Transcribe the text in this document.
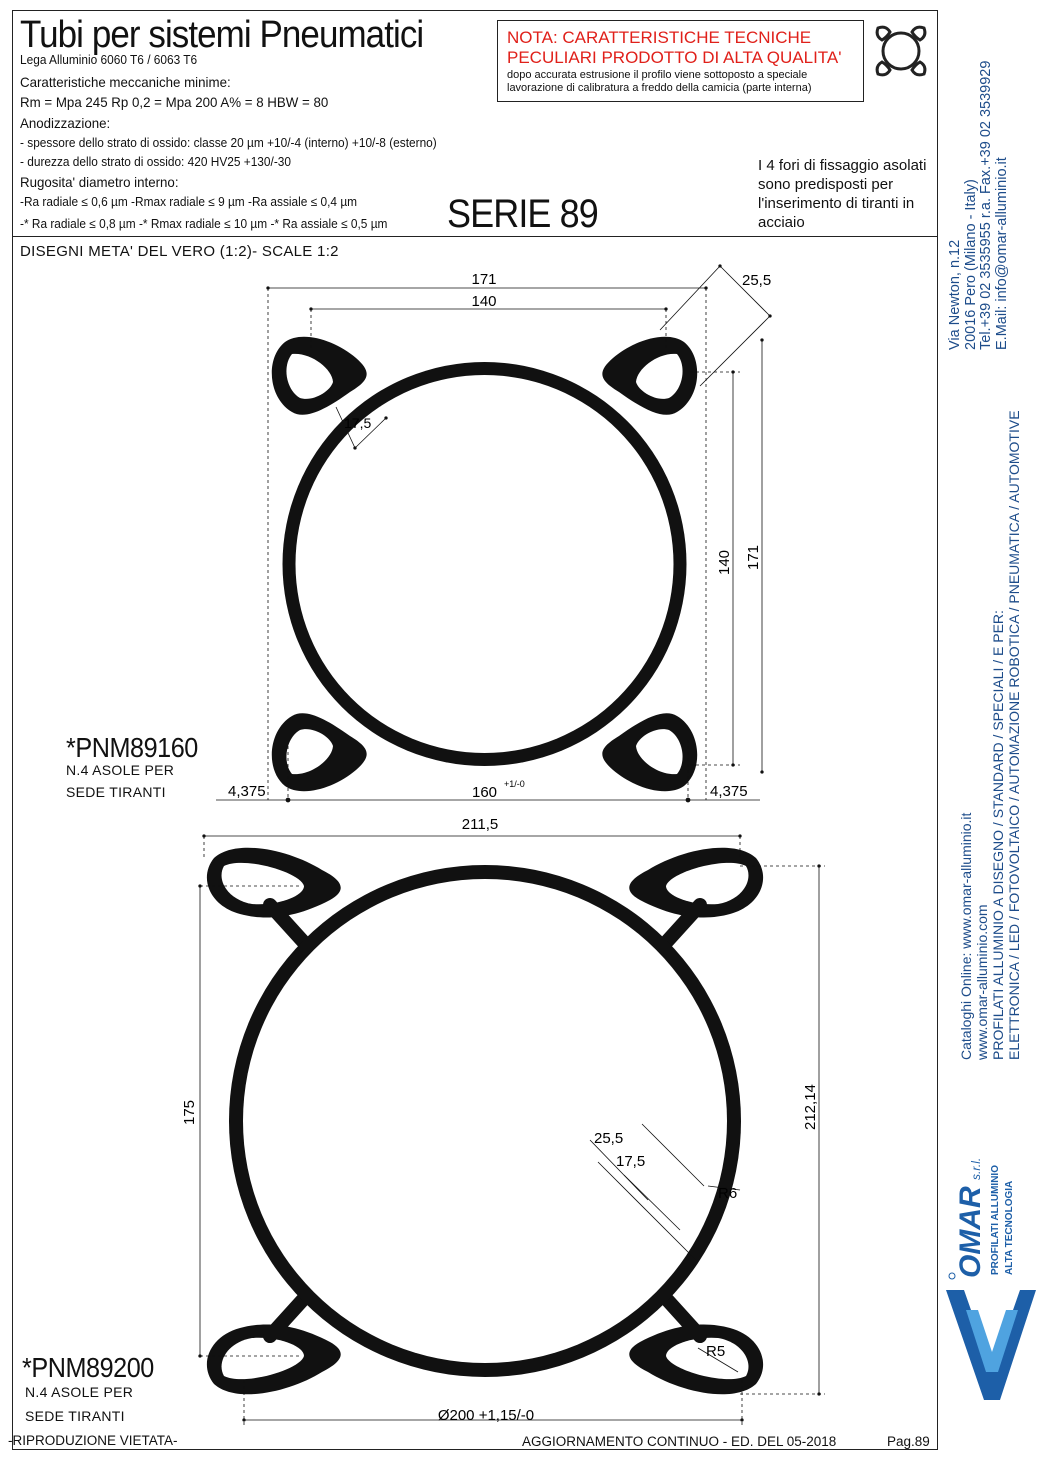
Tubi per sistemi Pneumatici
Lega Alluminio 6060 T6 / 6063 T6
Caratteristiche meccaniche minime:
Rm = Mpa 245 Rp 0,2 = Mpa 200 A% = 8 HBW = 80
Anodizzazione:
- spessore dello strato di ossido: classe 20 µm +10/-4 (interno) +10/-8 (esterno)
- durezza dello strato di ossido: 420 HV25 +130/-30
Rugosita' diametro interno:
-Ra radiale ≤ 0,6 µm -Rmax radiale ≤ 9 µm -Ra assiale ≤ 0,4 µm
-* Ra radiale ≤ 0,8 µm -* Rmax radiale ≤ 10 µm -* Ra assiale ≤ 0,5 µm SERIE 89
I 4 fori di fissaggio asolati sono predisposti per l'inserimento di tiranti in acciaio
NOTA: CARATTERISTICHE TECNICHE
PECULIARI PRODOTTO DI ALTA QUALITA'
dopo accurata estrusione il profilo viene sottoposto a speciale
lavorazione di calibratura a freddo della camicia (parte interna)
DISEGNI META' DEL VERO (1:2)- SCALE 1:2
171
140
25,5
17,5
140 171
4,375	4,375
160 +1/-0
211,5
212,14
175
25,5
17,5
R6
R5
Ø200 +1,15/-0
*PNM89160
N.4 ASOLE PER
SEDE TIRANTI
*PNM89200
N.4 ASOLE PER
SEDE TIRANTI
-RIPRODUZIONE VIETATA-	AGGIORNAMENTO CONTINUO - ED. DEL 05-2018	Pag.89
Via Newton, n.12 20016 Pero (Milano - Italy) Tel.+39 02 3535955 r.a. Fax.+39 02 3539929 E.Mail: info@omar-alluminio.it
Cataloghi Online: www.omar-alluminio.it www.omar-alluminio.com PROFILATI ALLUMINIO A DISEGNO / STANDARD / SPECIALI / E PER: ELETTRONICA / LED / FOTOVOLTAICO / AUTOMAZIONE ROBOTICA / PNEUMATICA / AUTOMOTIVE
OMAR
s.r.l. PROFILATI ALLUMINIO ALTA TECNOLOGIA
